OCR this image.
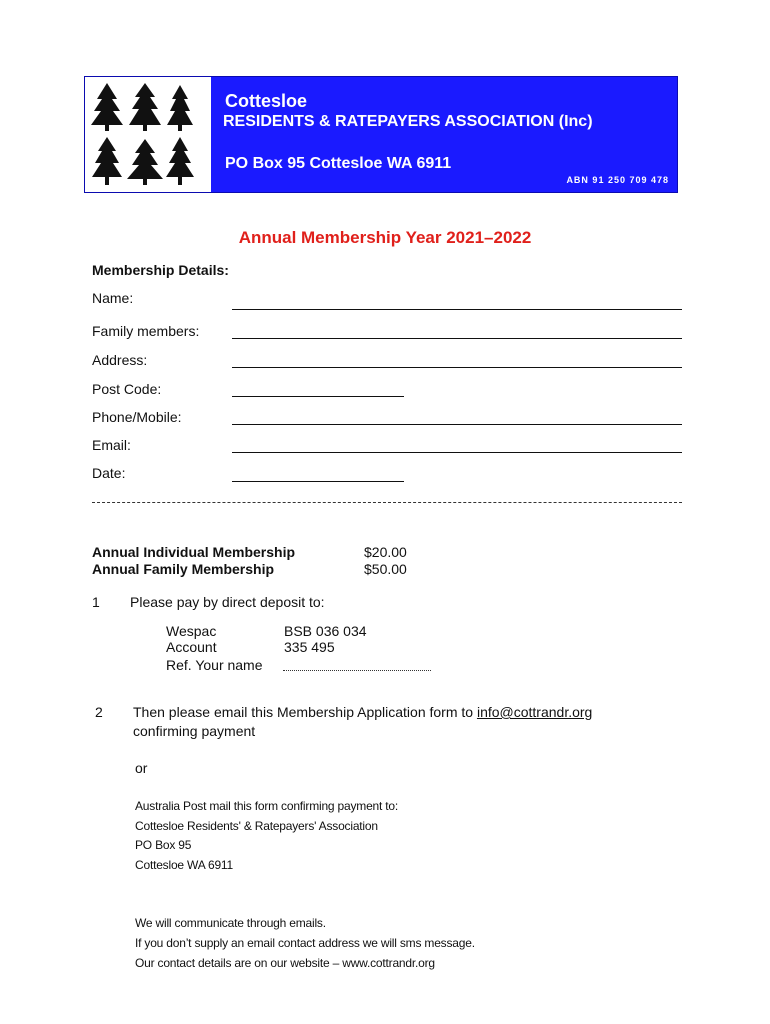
Cottesloe
RESIDENTS & RATEPAYERS ASSOCIATION (Inc)
PO Box 95 Cottesloe WA 6911
ABN 91 250 709 478
Annual Membership Year 2021–2022
Membership Details:
Name:
Family members:
Address:
Post Code:
Phone/Mobile:
Email:
Date:
Annual Individual Membership	$20.00
Annual Family Membership	$50.00
1 Please pay by direct deposit to:
Wespac	BSB 036 034
Account	335 495
Ref. Your name
2 Then please email this Membership Application form to info@cottrandr.org
confirming payment
or
Australia Post mail this form confirming payment to:
Cottesloe Residents' & Ratepayers' Association
PO Box 95
Cottesloe WA 6911
We will communicate through emails.
If you don’t supply an email contact address we will sms message.
Our contact details are on our website – www.cottrandr.org
